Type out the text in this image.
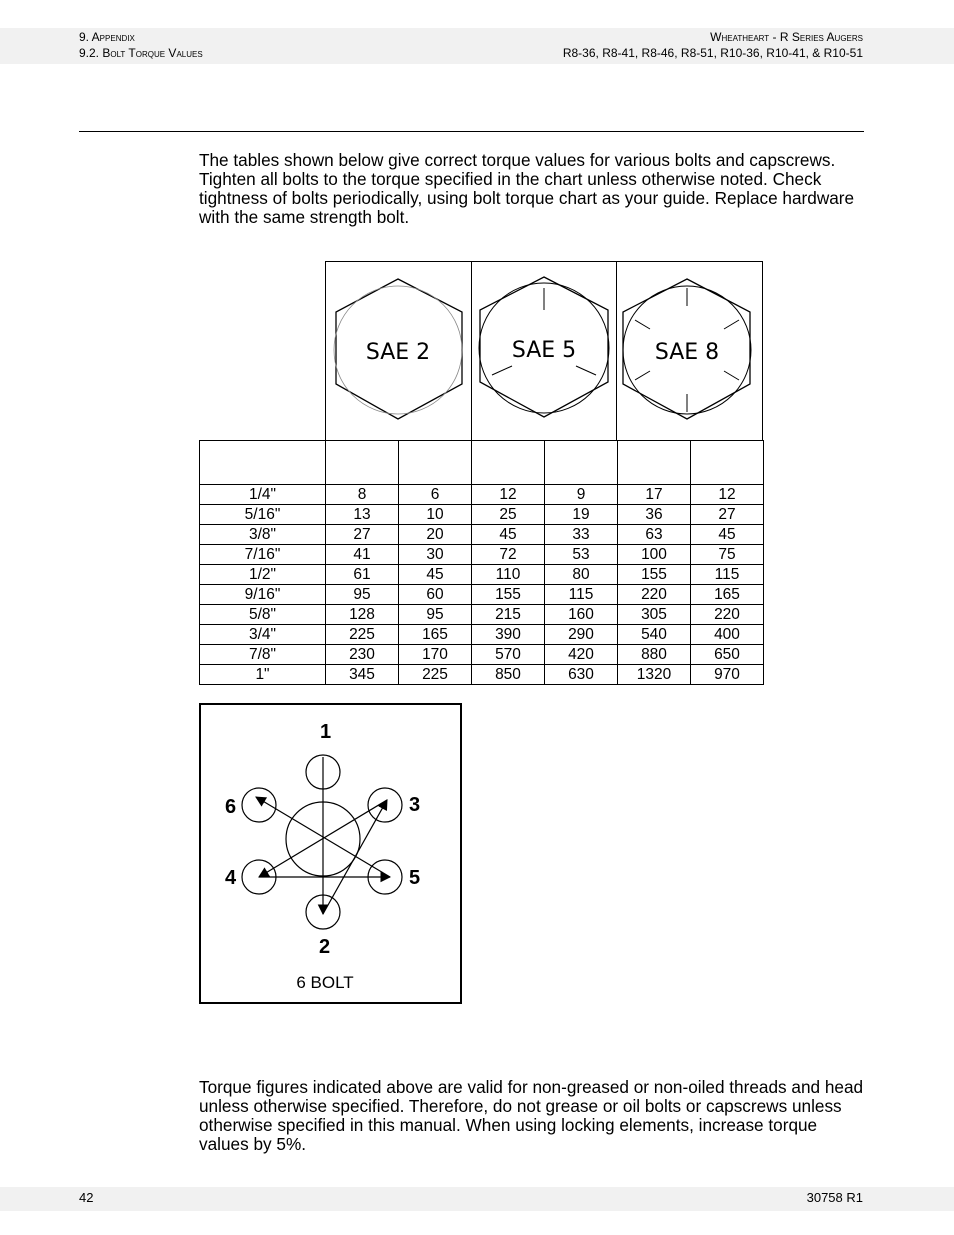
9. Appendix
9.2. Bolt Torque Values
Wheatheart - R Series Augers
R8-36, R8-41, R8-46, R8-51, R10-36, R10-41, & R10-51
The tables shown below give correct torque values for various bolts and capscrews. Tighten all bolts to the torque specified in the chart unless otherwise noted. Check tightness of bolts periodically, using bolt torque chart as your guide. Replace hardware with the same strength bolt.
SAE 2	SAE 5	SAE 8

1/4"	8	6	12	9	17	12
5/16"	13	10	25	19	36	27
3/8"	27	20	45	33	63	45
7/16"	41	30	72	53	100	75
1/2"	61	45	110	80	155	115
9/16"	95	60	155	115	220	165
5/8"	128	95	215	160	305	220
3/4"	225	165	390	290	540	400
7/8"	230	170	570	420	880	650
1"	345	225	850	630	1320	970
1
2
3
4	5
6
6 BOLT
Torque figures indicated above are valid for non-greased or non-oiled threads and head unless otherwise specified. Therefore, do not grease or oil bolts or capscrews unless otherwise specified in this manual. When using locking elements, increase torque values by 5%.
42	30758 R1
